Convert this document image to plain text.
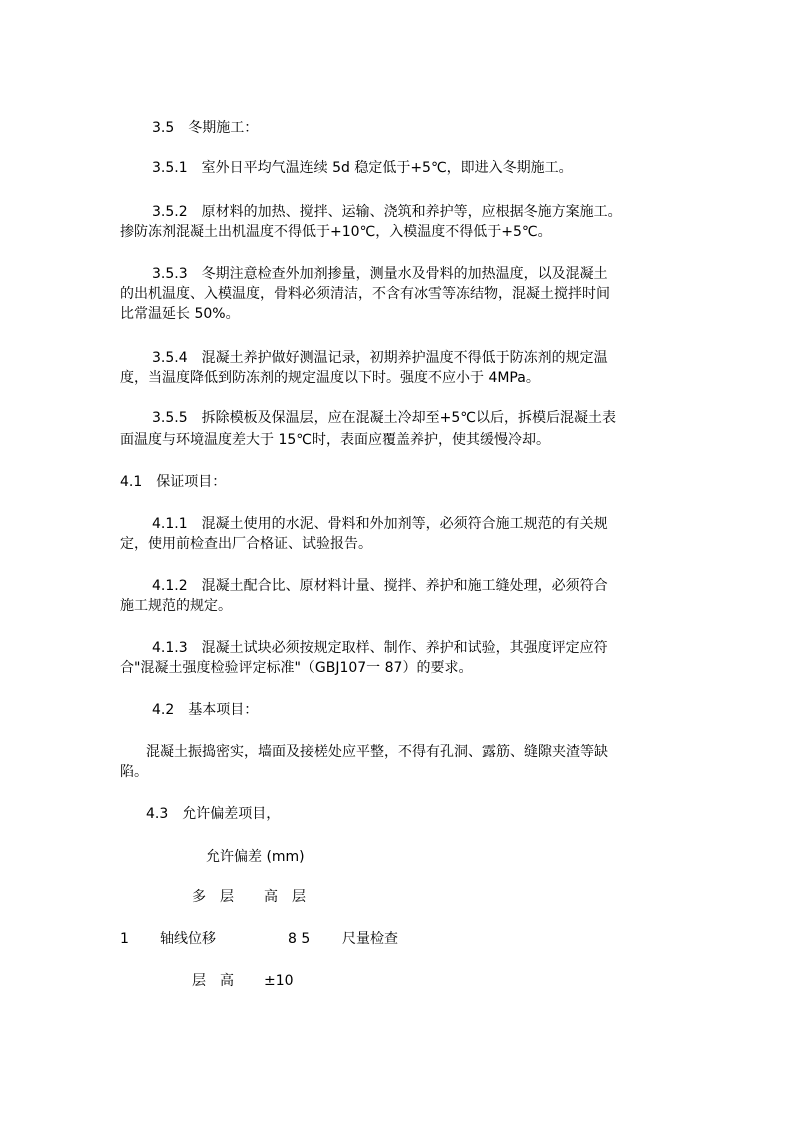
3.5　冬期施工：
3.5.1　室外日平均气温连续 5d 稳定低于+5℃，即进入冬期施工。
3.5.2　原材料的加热、搅拌、运输、浇筑和养护等，应根据冬施方案施工。
掺防冻剂混凝土出机温度不得低于+10℃，入模温度不得低于+5℃。
3.5.3　冬期注意检查外加剂掺量，测量水及骨料的加热温度，以及混凝土
的出机温度、入模温度，骨料必须清洁，不含有冰雪等冻结物，混凝土搅拌时间
比常温延长 50%。
3.5.4　混凝土养护做好测温记录，初期养护温度不得低于防冻剂的规定温
度，当温度降低到防冻剂的规定温度以下时。强度不应小于 4MPa。
3.5.5　拆除模板及保温层，应在混凝土冷却至+5℃以后，拆模后混凝土表
面温度与环境温度差大于 15℃时，表面应覆盖养护，使其缓慢冷却。
4.1　保证项目：
4.1.1　混凝土使用的水泥、骨料和外加剂等，必须符合施工规范的有关规
定，使用前检查出厂合格证、试验报告。
4.1.2　混凝土配合比、原材料计量、搅拌、养护和施工缝处理，必须符合
施工规范的规定。
4.1.3　混凝土试块必须按规定取样、制作、养护和试验，其强度评定应符
合"混凝土强度检验评定标准"（GBJ107一 87）的要求。
4.2　基本项目：
混凝土振捣密实，墙面及接槎处应平整，不得有孔洞、露筋、缝隙夹渣等缺
陷。
4.3　允许偏差项目，
允许偏差 (mm)
多　层 高　层
1 轴线位移	8 5 尺量检查
层　高 ±10
